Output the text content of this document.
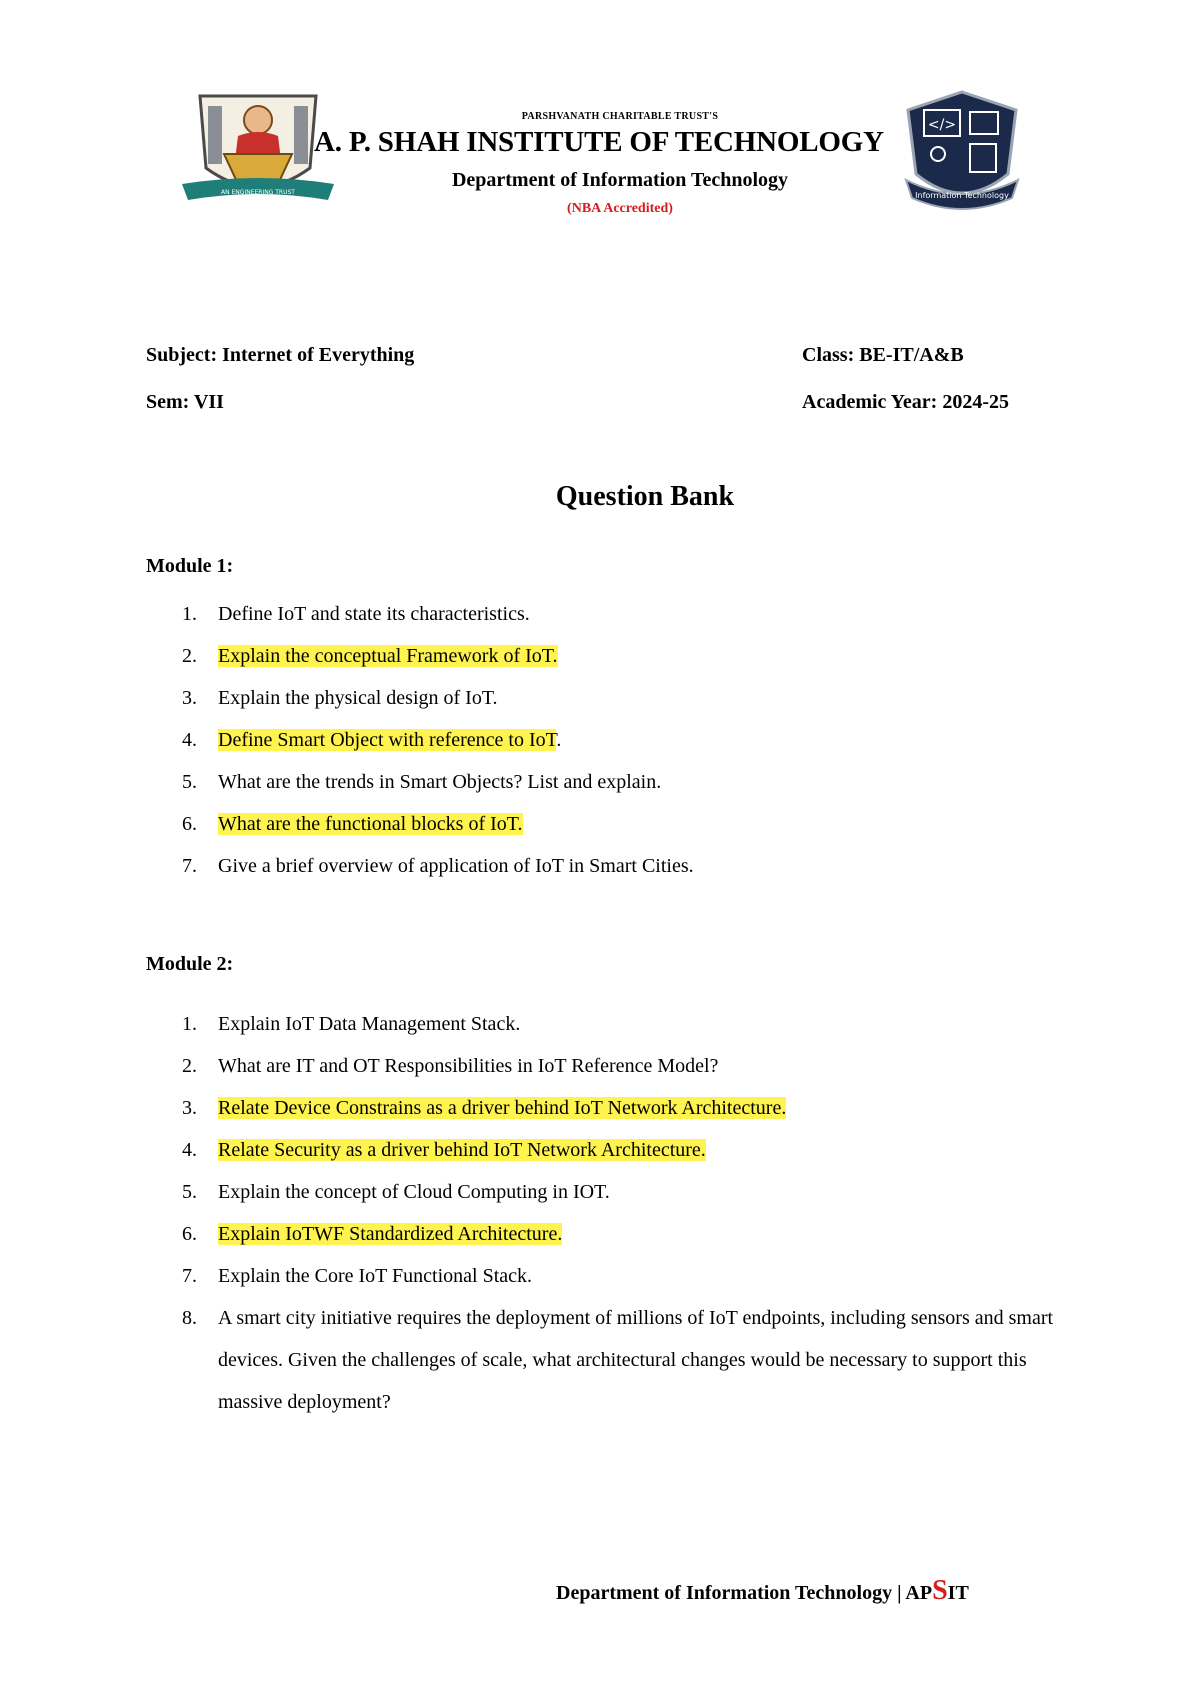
AN ENGINEERING TRUST
PARSHVANATH CHARITABLE TRUST'S
A. P. SHAH INSTITUTE OF TECHNOLOGY
Department of Information Technology
(NBA Accredited)
</>
Information Technology
Subject: Internet of Everything	Class: BE-IT/A&B
Sem: VII	Academic Year: 2024-25
Question Bank
Module 1:
1. Define IoT and state its characteristics.
2. Explain the conceptual Framework of IoT.
3. Explain the physical design of IoT.
4. Define Smart Object with reference to IoT.
5. What are the trends in Smart Objects? List and explain.
6. What are the functional blocks of IoT.
7. Give a brief overview of application of IoT in Smart Cities.
Module 2:
1. Explain IoT Data Management Stack.
2. What are IT and OT Responsibilities in IoT Reference Model?
3. Relate Device Constrains as a driver behind IoT Network Architecture.
4. Relate Security as a driver behind IoT Network Architecture.
5. Explain the concept of Cloud Computing in IOT.
6. Explain IoTWF Standardized Architecture.
7. Explain the Core IoT Functional Stack.
8. A smart city initiative requires the deployment of millions of IoT endpoints, including sensors and smart devices. Given the challenges of scale, what architectural changes would be necessary to support this massive deployment?
Department of Information Technology | APSIT
